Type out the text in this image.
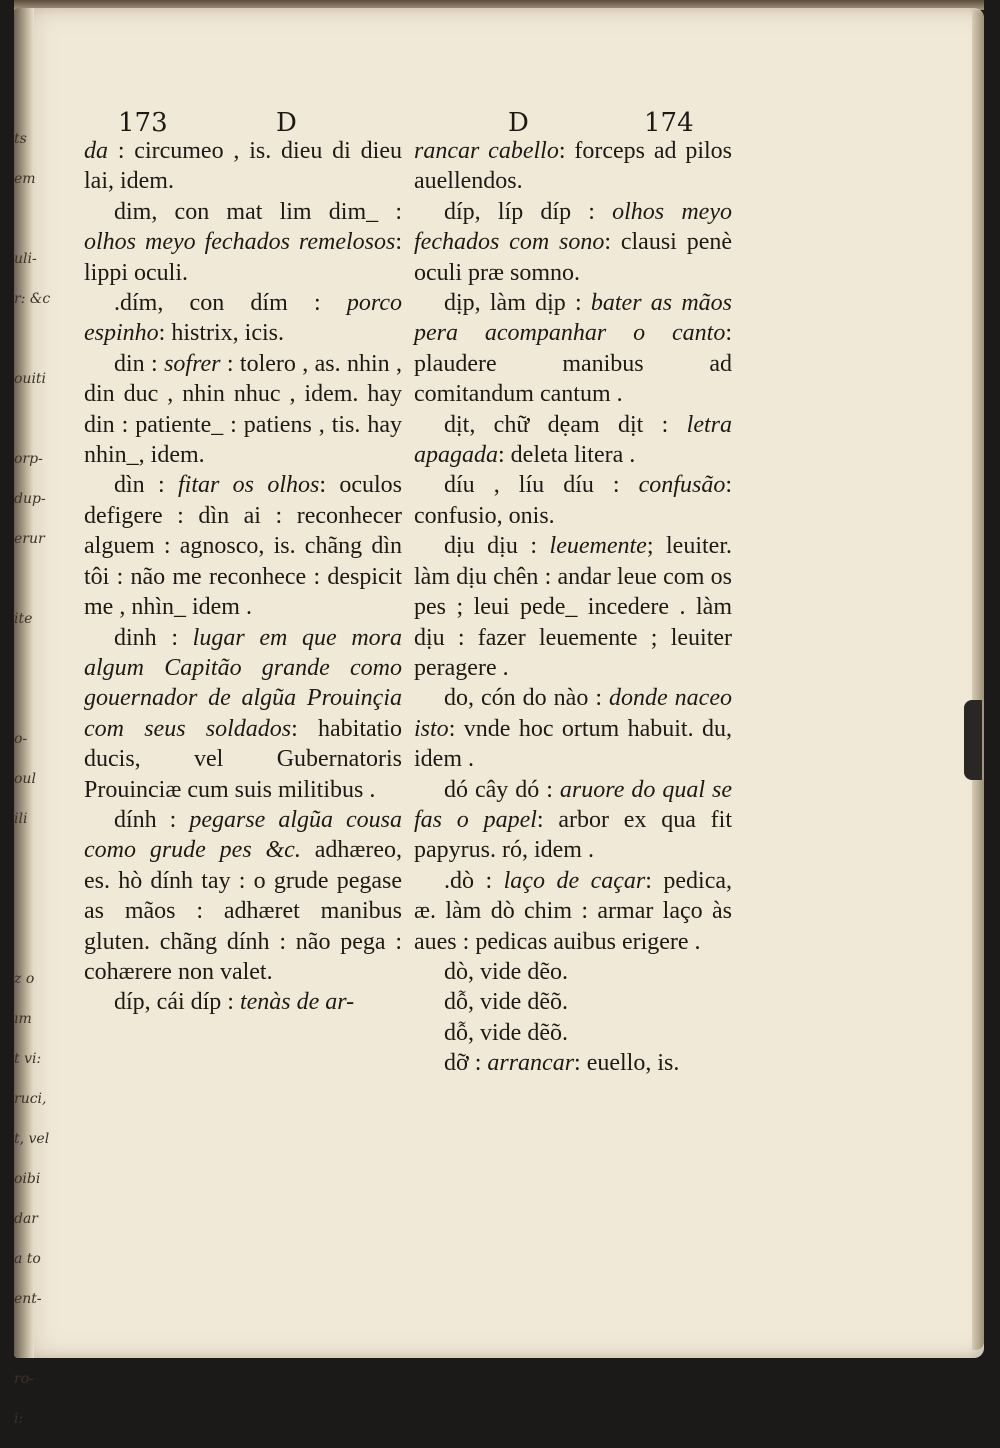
ts
em
uli-
r: &c
ouiti
orp-
dup-
erur
ite
o-
oul
ili
z o
ım
t vi:
ruci,
t, vel
oibi
dar
a to
ent-
ro-
i:
173	D	D	174

da : circumeo , is. dieu di dieu lai, idem.

dim, con mat lim dim_ : olhos meyo fechados remelosos: lippi oculi.

.dím, con dím : porco espinho: histrix, icis.

din : sofrer : tolero , as. nhin , din duc , nhin nhuc , idem. hay din : patiente_ : patiens , tis. hay nhin_, idem.

dìn : fitar os olhos: oculos defigere : dìn ai : reconhecer alguem : agnosco, is. chãng dìn tôi : não me reconhece : despicit me , nhìn_ idem .

dinh : lugar em que mora algum Capitão grande como gouernador de algũa Prouinçia com seus soldados: habitatio ducis, vel Gubernatoris Prouinciæ cum suis militibus .

dính : pegarse algũa cousa como grude pes &c. adhæreo, es. hò dính tay : o grude pegase as mãos : adhæret manibus gluten. chãng dính : não pega : cohærere non valet.

díp, cái díp : tenàs de ar-

rancar cabello: forceps ad pilos auellendos.

díp, líp díp : olhos meyo fechados com sono: clausi penè oculi præ somno.

dịp, làm dịp : bater as mãos pera acompanhar o canto: plaudere manibus ad comitandum cantum .

dịt, chữ dẹam dịt : letra apagada: deleta litera .

díu , líu díu : confusão: confusio, onis.

dịu dịu : leuemente; leuiter. làm dịu chên : andar leue com os pes ; leui pede_ incedere . làm dịu : fazer leuemente ; leuiter peragere .

do, cón do nào : donde naceo isto: vnde hoc ortum habuit. du, idem .

dó cây dó : aruore do qual se fas o papel: arbor ex qua fit papyrus. ró, idem .

.dò : laço de caçar: pedica, æ. làm dò chim : armar laço às aues : pedicas auibus erigere .

dò, vide dẽo.

dỗ, vide dẽõ.

dỗ, vide dẽõ.

dỡ : arrancar: euello, is.
